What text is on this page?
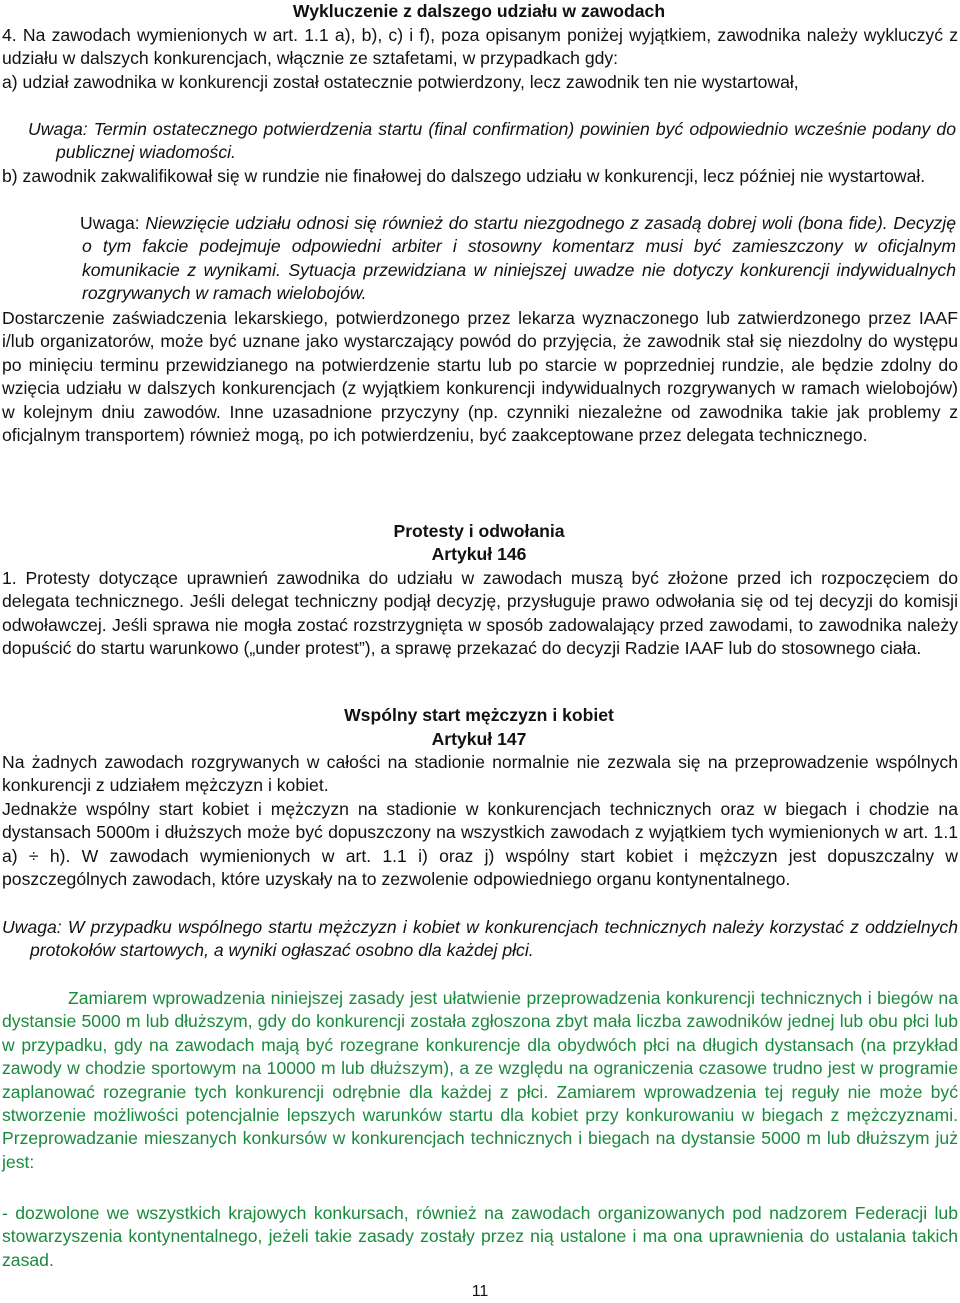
Wykluczenie z dalszego udziału w zawodach
4. Na zawodach wymienionych w art. 1.1 a), b), c) i f), poza opisanym poniżej wyjątkiem, zawodnika należy wykluczyć z udziału w dalszych konkurencjach, włącznie ze sztafetami, w przypadkach gdy:
a) udział zawodnika w konkurencji został ostatecznie potwierdzony, lecz zawodnik ten nie wystartował,
Uwaga: Termin ostatecznego potwierdzenia startu (final confirmation) powinien być odpowiednio wcześnie podany do publicznej wiadomości.
b) zawodnik zakwalifikował się w rundzie nie finałowej do dalszego udziału w konkurencji, lecz później nie wystartował.
Uwaga: Niewzięcie udziału odnosi się również do startu niezgodnego z zasadą dobrej woli (bona fide). Decyzję o tym fakcie podejmuje odpowiedni arbiter i stosowny komentarz musi być zamieszczony w oficjalnym komunikacie z wynikami. Sytuacja przewidziana w niniejszej uwadze nie dotyczy konkurencji indywidualnych rozgrywanych w ramach wielobojów.
Dostarczenie zaświadczenia lekarskiego, potwierdzonego przez lekarza wyznaczonego lub zatwierdzonego przez IAAF i/lub organizatorów, może być uznane jako wystarczający powód do przyjęcia, że zawodnik stał się niezdolny do występu po minięciu terminu przewidzianego na potwierdzenie startu lub po starcie w poprzedniej rundzie, ale będzie zdolny do wzięcia udziału w dalszych konkurencjach (z wyjątkiem konkurencji indywidualnych rozgrywanych w ramach wielobojów) w kolejnym dniu zawodów. Inne uzasadnione przyczyny (np. czynniki niezależne od zawodnika takie jak problemy z oficjalnym transportem) również mogą, po ich potwierdzeniu, być zaakceptowane przez delegata technicznego.
Protesty i odwołania
Artykuł 146
1. Protesty dotyczące uprawnień zawodnika do udziału w zawodach muszą być złożone przed ich rozpoczęciem do delegata technicznego. Jeśli delegat techniczny podjął decyzję, przysługuje prawo odwołania się od tej decyzji do komisji odwoławczej. Jeśli sprawa nie mogła zostać rozstrzygnięta w sposób zadowalający przed zawodami, to zawodnika należy dopuścić do startu warunkowo („under protest”), a sprawę przekazać do decyzji Radzie IAAF lub do stosownego ciała.
Wspólny start mężczyzn i kobiet
Artykuł 147
Na żadnych zawodach rozgrywanych w całości na stadionie normalnie nie zezwala się na przeprowadzenie wspólnych konkurencji z udziałem mężczyzn i kobiet.
Jednakże wspólny start kobiet i mężczyzn na stadionie w konkurencjach technicznych oraz w biegach i chodzie na dystansach 5000m i dłuższych może być dopuszczony na wszystkich zawodach z wyjątkiem tych wymienionych w art. 1.1 a) ÷ h). W zawodach wymienionych w art. 1.1 i) oraz j) wspólny start kobiet i mężczyzn jest dopuszczalny w poszczególnych zawodach, które uzyskały na to zezwolenie odpowiedniego organu kontynentalnego.
Uwaga: W przypadku wspólnego startu mężczyzn i kobiet w konkurencjach technicznych należy korzystać z oddzielnych protokołów startowych, a wyniki ogłaszać osobno dla każdej płci.
Zamiarem wprowadzenia niniejszej zasady jest ułatwienie przeprowadzenia konkurencji technicznych i biegów na dystansie 5000 m lub dłuższym, gdy do konkurencji została zgłoszona zbyt mała liczba zawodników jednej lub obu płci lub w przypadku, gdy na zawodach mają być rozegrane konkurencje dla obydwóch płci na długich dystansach (na przykład zawody w chodzie sportowym na 10000 m lub dłuższym), a ze względu na ograniczenia czasowe trudno jest w programie zaplanować rozegranie tych konkurencji odrębnie dla każdej z płci. Zamiarem wprowadzenia tej reguły nie może być stworzenie możliwości potencjalnie lepszych warunków startu dla kobiet przy konkurowaniu w biegach z mężczyznami. Przeprowadzanie mieszanych konkursów w konkurencjach technicznych i biegach na dystansie 5000 m lub dłuższym już jest:
- dozwolone we wszystkich krajowych konkursach, również na zawodach organizowanych pod nadzorem Federacji lub stowarzyszenia kontynentalnego, jeżeli takie zasady zostały przez nią ustalone i ma ona uprawnienia do ustalania takich zasad.
11
